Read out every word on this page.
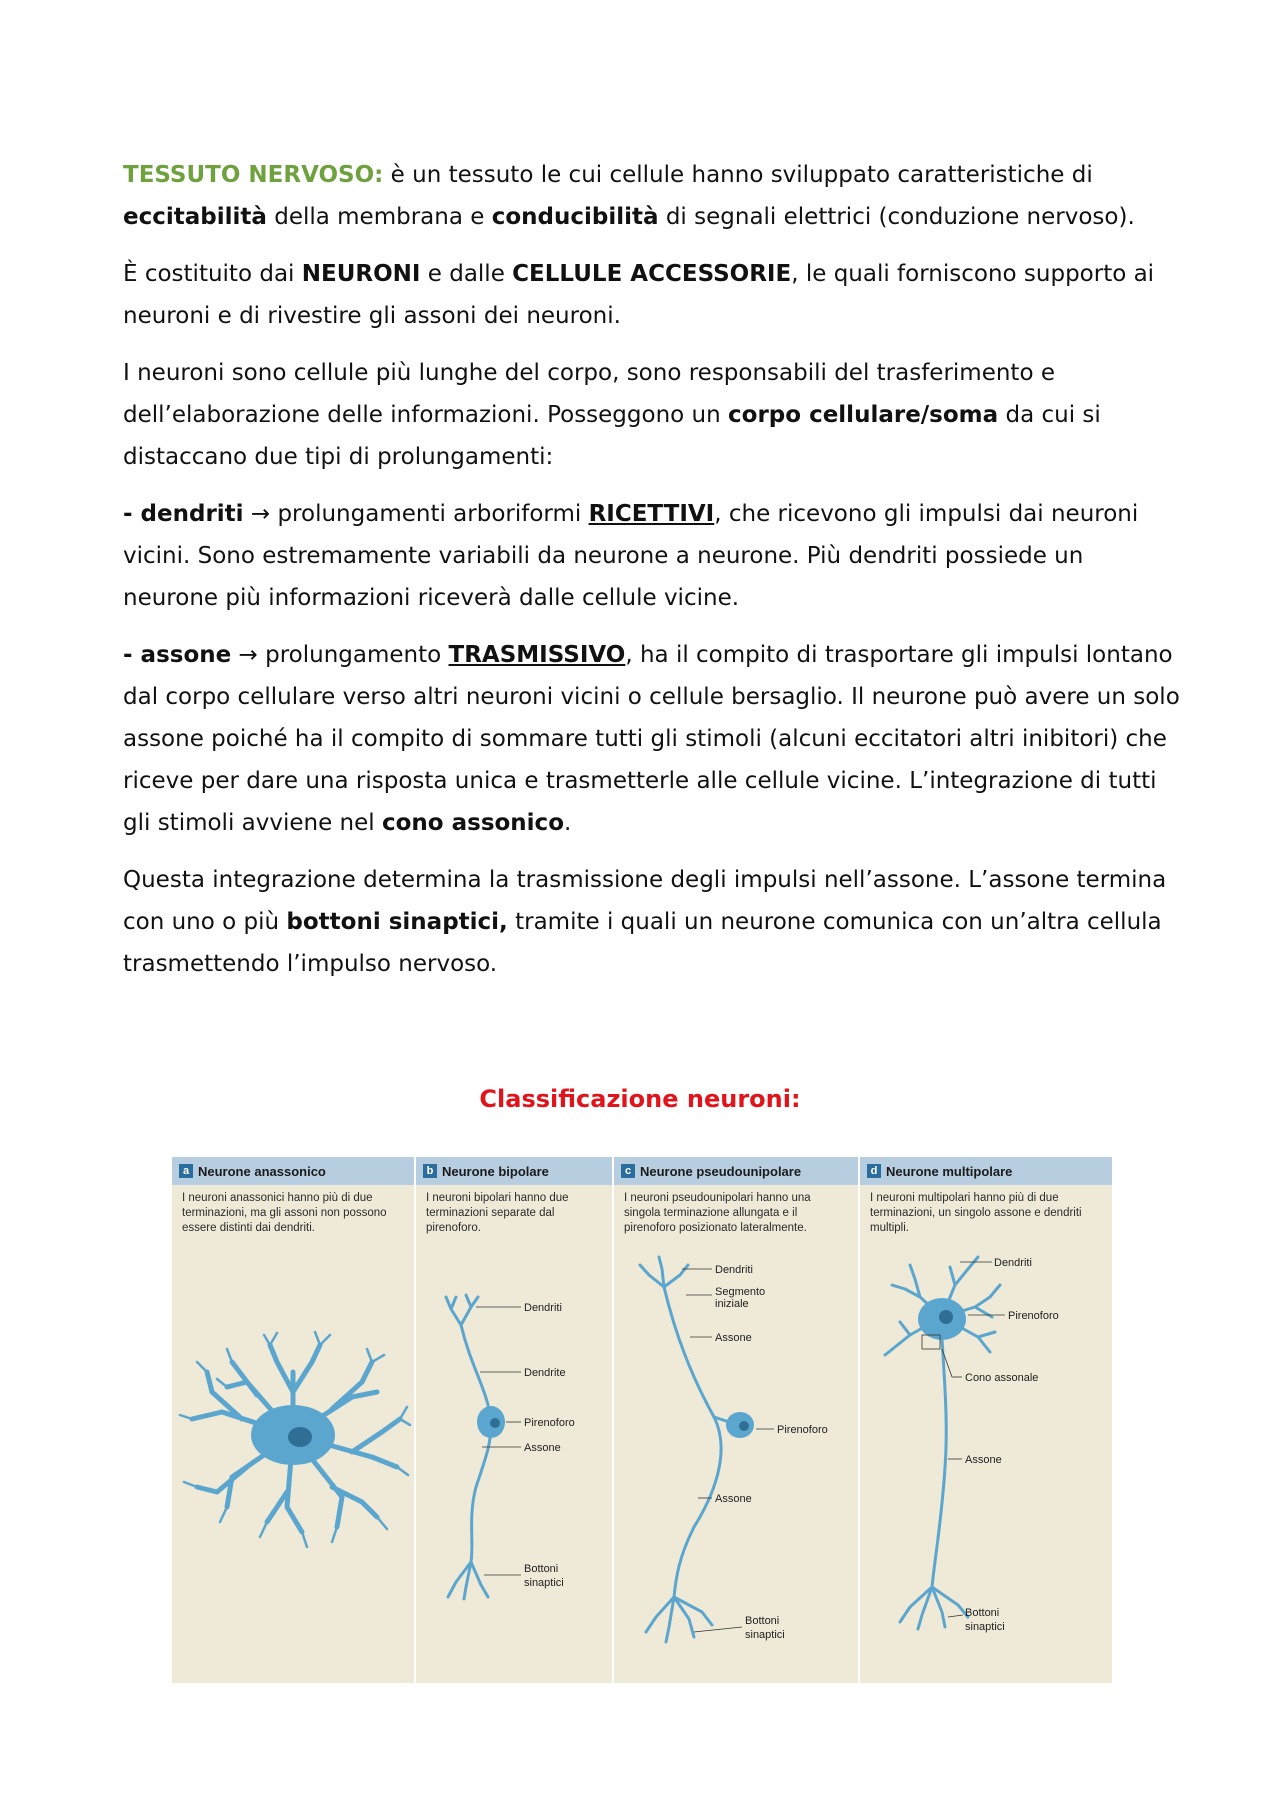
TESSUTO NERVOSO: è un tessuto le cui cellule hanno sviluppato caratteristiche di eccitabilità della membrana e conducibilità di segnali elettrici (conduzione nervoso).

È costituito dai NEURONI e dalle CELLULE ACCESSORIE, le quali forniscono supporto ai neuroni e di rivestire gli assoni dei neuroni.

I neuroni sono cellule più lunghe del corpo, sono responsabili del trasferimento e dell’elaborazione delle informazioni. Posseggono un corpo cellulare/soma da cui si distaccano due tipi di prolungamenti:

- dendriti → prolungamenti arboriformi RICETTIVI, che ricevono gli impulsi dai neuroni vicini. Sono estremamente variabili da neurone a neurone. Più dendriti possiede un neurone più informazioni riceverà dalle cellule vicine.

- assone → prolungamento TRASMISSIVO, ha il compito di trasportare gli impulsi lontano dal corpo cellulare verso altri neuroni vicini o cellule bersaglio. Il neurone può avere un solo assone poiché ha il compito di sommare tutti gli stimoli (alcuni eccitatori altri inibitori) che riceve per dare una risposta unica e trasmetterle alle cellule vicine. L’integrazione di tutti gli stimoli avviene nel cono assonico.

Questa integrazione determina la trasmissione degli impulsi nell’assone. L’assone termina con uno o più bottoni sinaptici, tramite i quali un neurone comunica con un’altra cellula trasmettendo l’impulso nervoso.

Classificazione neuroni:
a Neurone anassonico
I neuroni anassonici hanno più di due terminazioni, ma gli assoni non possono essere distinti dai dendriti.
b Neurone bipolare
I neuroni bipolari hanno due terminazioni separate dal pirenoforo.
Dendriti
Dendrite
Pirenoforo
Assone
Bottoni
sinaptici
c Neurone pseudounipolare
I neuroni pseudounipolari hanno una singola terminazione allungata e il pirenoforo posizionato lateralmente.
Dendriti
Segmento
iniziale
Assone
Pirenoforo
Assone
Bottoni
sinaptici
d Neurone multipolare
I neuroni multipolari hanno più di due terminazioni, un singolo assone e dendriti multipli.
Dendriti
Pirenoforo
Cono assonale
Assone
Bottoni
sinaptici
